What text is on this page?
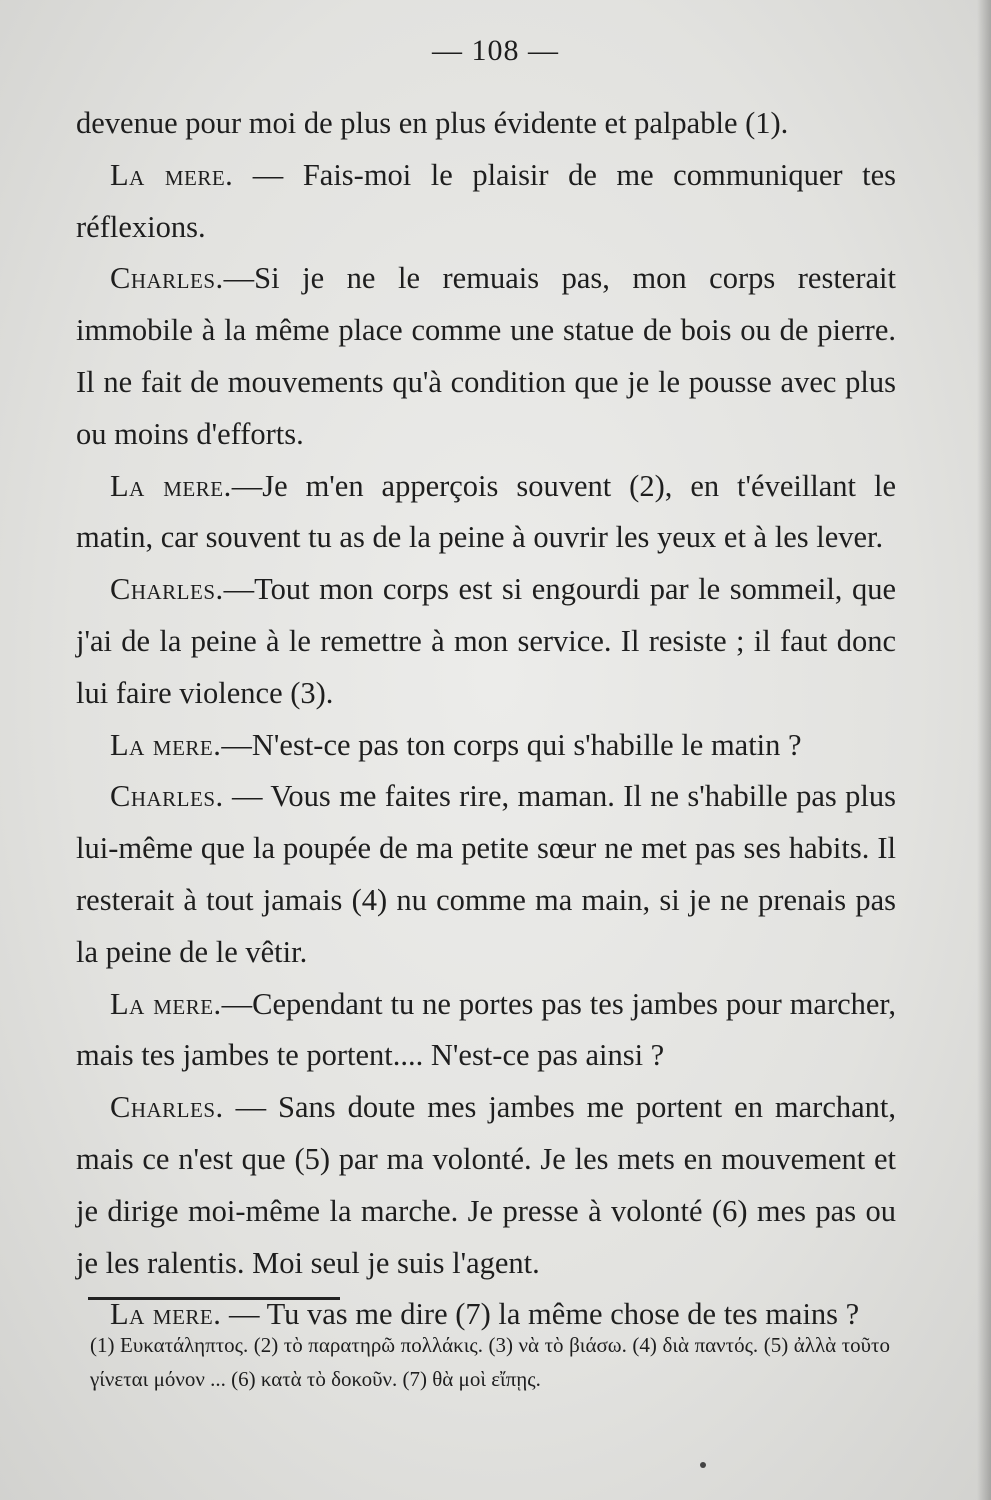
— 108 —

devenue pour moi de plus en plus évidente et palpable (1).

La mere. — Fais-moi le plaisir de me communiquer tes réflexions.

Charles.—Si je ne le remuais pas, mon corps resterait immobile à la même place comme une statue de bois ou de pierre. Il ne fait de mouvements qu'à condition que je le pousse avec plus ou moins d'efforts.

La mere.—Je m'en apperçois souvent (2), en t'éveillant le matin, car souvent tu as de la peine à ouvrir les yeux et à les lever.

Charles.—Tout mon corps est si engourdi par le sommeil, que j'ai de la peine à le remettre à mon service. Il resiste ; il faut donc lui faire violence (3).

La mere.—N'est-ce pas ton corps qui s'habille le matin ?

Charles. — Vous me faites rire, maman. Il ne s'habille pas plus lui-même que la poupée de ma petite sœur ne met pas ses habits. Il resterait à tout jamais (4) nu comme ma main, si je ne prenais pas la peine de le vêtir.

La mere.—Cependant tu ne portes pas tes jambes pour marcher, mais tes jambes te portent.... N'est-ce pas ainsi ?

Charles. — Sans doute mes jambes me portent en marchant, mais ce n'est que (5) par ma volonté. Je les mets en mouvement et je dirige moi-même la marche. Je presse à volonté (6) mes pas ou je les ralentis. Moi seul je suis l'agent.

La mere. — Tu vas me dire (7) la même chose de tes mains ?

(1) Ευκατάληπτος. (2) τὸ παρατηρῶ πολλάκις. (3) νὰ τὸ βιάσω. (4) διὰ παντός. (5) ἀλλὰ τοῦτο γίνεται μόνον ... (6) κατὰ τὸ δοκοῦν. (7) θὰ μοὶ εἴπῃς.
